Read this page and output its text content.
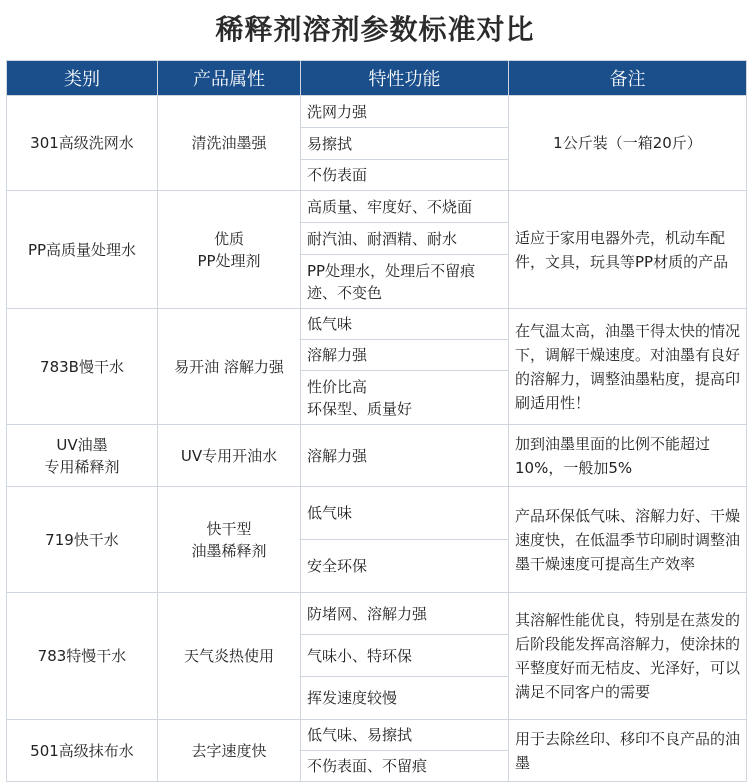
稀释剂溶剂参数标准对比
类别	产品属性	特性功能	备注
301高级洗网水	清洗油墨强	洗网力强	1公斤装（一箱20斤）
		易擦拭	
		不伤表面	
PP高质量处理水	优质
PP处理剂	高质量、牢度好、不烧面	适应于家用电器外壳，机动车配件，文具，玩具等PP材质的产品
		耐汽油、耐酒精、耐水	
		PP处理水，处理后不留痕迹、不变色	
783B慢干水	易开油 溶解力强	低气味	在气温太高，油墨干得太快的情况下，调解干燥速度。对油墨有良好的溶解力，调整油墨粘度，提高印刷适用性！
		溶解力强	
		性价比高
环保型、质量好	
UV油墨
专用稀释剂	UV专用开油水	溶解力强	加到油墨里面的比例不能超过10%，一般加5%
719快干水	快干型
油墨稀释剂	低气味	产品环保低气味、溶解力好、干燥速度快，在低温季节印刷时调整油墨干燥速度可提高生产效率
		安全环保	
783特慢干水	天气炎热使用	防堵网、溶解力强	其溶解性能优良，特别是在蒸发的后阶段能发挥高溶解力，使涂抹的平整度好而无桔皮、光泽好，可以满足不同客户的需要
		气味小、特环保	
		挥发速度较慢	
501高级抹布水	去字速度快	低气味、易擦拭	用于去除丝印、移印不良产品的油墨
		不伤表面、不留痕	
